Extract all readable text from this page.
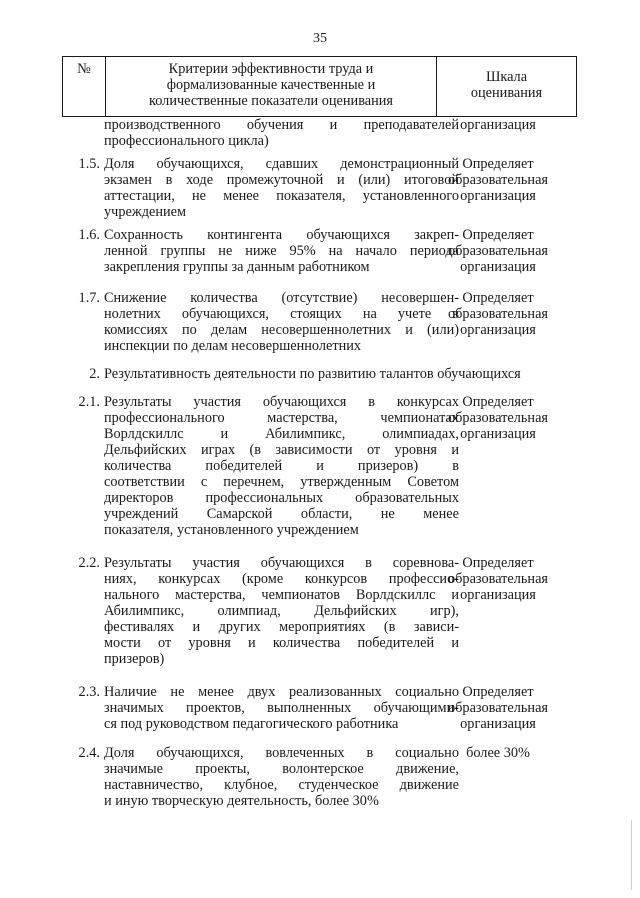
35
№	Критерии эффективности труда и
формализованные качественные и
количественные показатели оценивания
Шкала
оценивания
производственного обучения и преподавателей
профессионального цикла)
организация
1.5. Доля обучающихся, сдавших демонстрационный
экзамен в ходе промежуточной и (или) итоговой
аттестации, не менее показателя, установленного
учреждением
Определяет
образовательная
организация
1.6. Сохранность контингента обучающихся закреп-
ленной группы не ниже 95% на начало периода
закрепления группы за данным работником
Определяет
образовательная
организация
1.7. Снижение количества (отсутствие) несовершен-
нолетних обучающихся, стоящих на учете в
комиссиях по делам несовершеннолетних и (или)
инспекции по делам несовершеннолетних
Определяет
образовательная
организация
2. Результативность деятельности по развитию талантов обучающихся
2.1. Результаты участия обучающихся в конкурсах
профессионального мастерства, чемпионатах
Ворлдскиллс и Абилимпикс, олимпиадах,
Дельфийских играх (в зависимости от уровня и
количества победителей и призеров) в
соответствии с перечнем, утвержденным Советом
директоров профессиональных образовательных
учреждений Самарской области, не менее
показателя, установленного учреждением
Определяет
образовательная
организация
2.2. Результаты участия обучающихся в соревнова-
ниях, конкурсах (кроме конкурсов профессио-
нального мастерства, чемпионатов Ворлдскиллс и
Абилимпикс, олимпиад, Дельфийских игр),
фестивалях и других мероприятиях (в зависи-
мости от уровня и количества победителей и
призеров)
Определяет
образовательная
организация
2.3. Наличие не менее двух реализованных социально
значимых проектов, выполненных обучающими-
ся под руководством педагогического работника
Определяет
образовательная
организация
2.4. Доля обучающихся, вовлеченных в социально
значимые проекты, волонтерское движение,
наставничество, клубное, студенческое движение
и иную творческую деятельность, более 30%
более 30%
